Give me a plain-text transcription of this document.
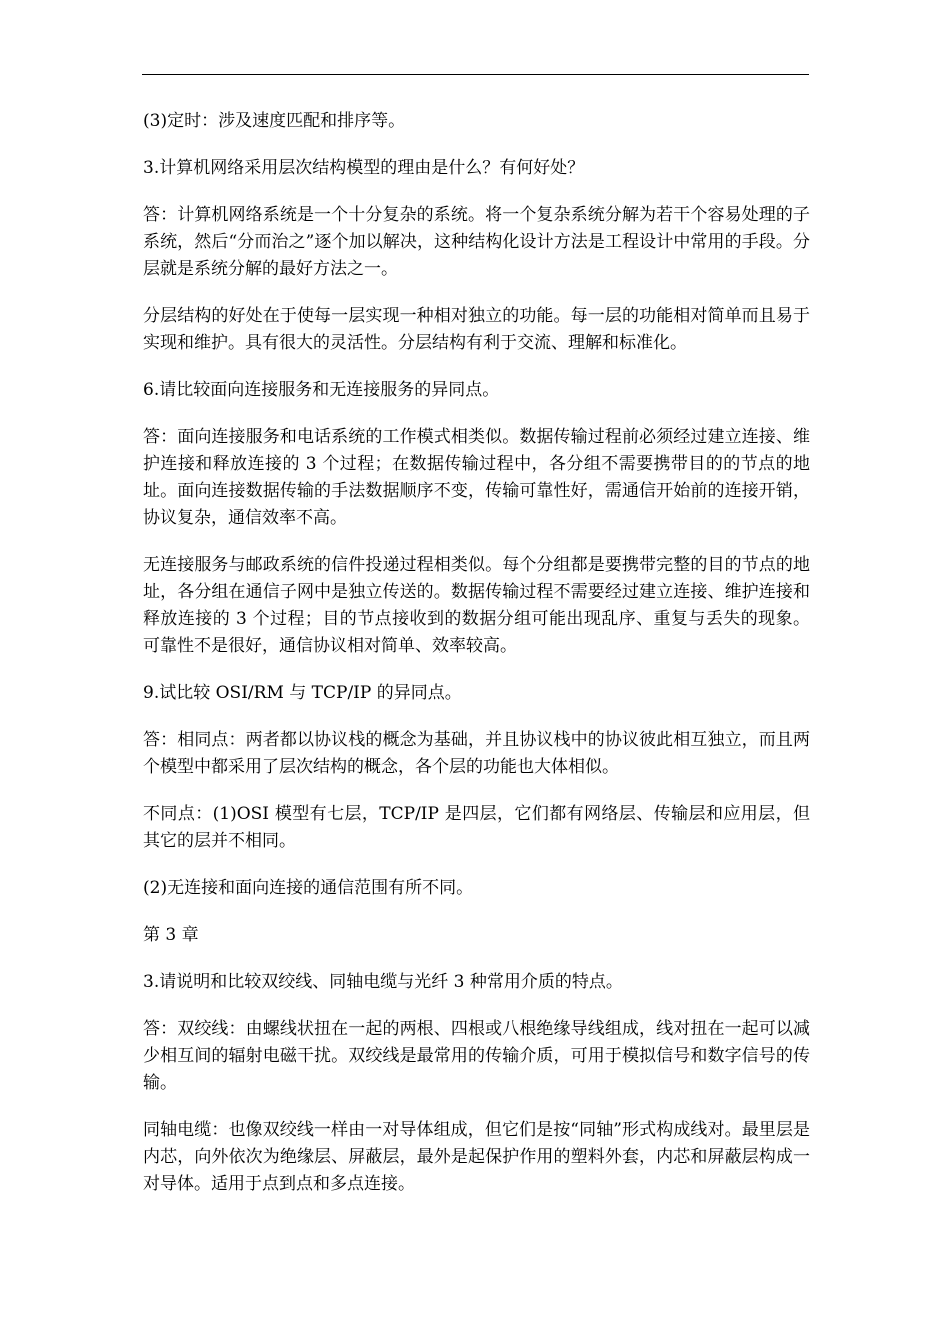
(3)定时：涉及速度匹配和排序等。

3.计算机网络采用层次结构模型的理由是什么？有何好处？

答：计算机网络系统是一个十分复杂的系统。将一个复杂系统分解为若干个容易处理的子系统，然后“分而治之”逐个加以解决，这种结构化设计方法是工程设计中常用的手段。分层就是系统分解的最好方法之一。

分层结构的好处在于使每一层实现一种相对独立的功能。每一层的功能相对简单而且易于实现和维护。具有很大的灵活性。分层结构有利于交流、理解和标准化。

6.请比较面向连接服务和无连接服务的异同点。

答：面向连接服务和电话系统的工作模式相类似。数据传输过程前必须经过建立连接、维护连接和释放连接的 3 个过程；在数据传输过程中，各分组不需要携带目的的节点的地址。面向连接数据传输的手法数据顺序不变，传输可靠性好，需通信开始前的连接开销，协议复杂，通信效率不高。

无连接服务与邮政系统的信件投递过程相类似。每个分组都是要携带完整的目的节点的地址，各分组在通信子网中是独立传送的。数据传输过程不需要经过建立连接、维护连接和释放连接的 3 个过程；目的节点接收到的数据分组可能出现乱序、重复与丢失的现象。可靠性不是很好，通信协议相对简单、效率较高。

9.试比较 OSI/RM 与 TCP/IP 的异同点。

答：相同点：两者都以协议栈的概念为基础，并且协议栈中的协议彼此相互独立，而且两个模型中都采用了层次结构的概念，各个层的功能也大体相似。

不同点：(1)OSI 模型有七层，TCP/IP 是四层，它们都有网络层、传输层和应用层，但其它的层并不相同。

(2)无连接和面向连接的通信范围有所不同。

第 3 章

3.请说明和比较双绞线、同轴电缆与光纤 3 种常用介质的特点。

答：双绞线：由螺线状扭在一起的两根、四根或八根绝缘导线组成，线对扭在一起可以减少相互间的辐射电磁干扰。双绞线是最常用的传输介质，可用于模拟信号和数字信号的传输。

同轴电缆：也像双绞线一样由一对导体组成，但它们是按“同轴”形式构成线对。最里层是内芯，向外依次为绝缘层、屏蔽层，最外是起保护作用的塑料外套，内芯和屏蔽层构成一对导体。适用于点到点和多点连接。
